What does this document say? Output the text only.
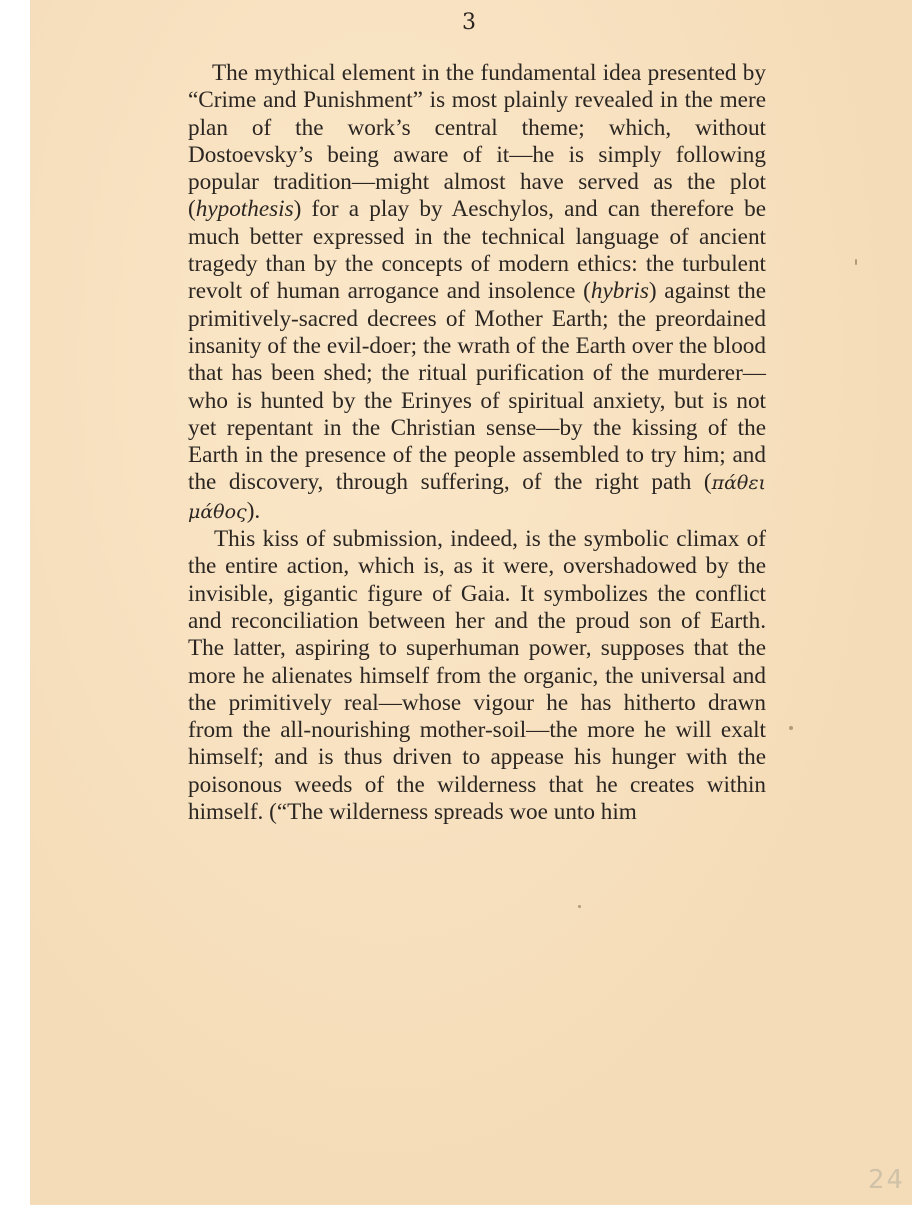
3

The mythical element in the fundamental idea presented by “Crime and Punishment” is most plainly revealed in the mere plan of the work’s central theme; which, without Dostoevsky’s being aware of it—he is simply following popular tradition—might almost have served as the plot (hypothesis) for a play by Aeschylos, and can therefore be much better expressed in the technical language of ancient tragedy than by the concepts of modern ethics: the turbulent revolt of human arrogance and insolence (hybris) against the primitively-sacred decrees of Mother Earth; the preordained insanity of the evil-doer; the wrath of the Earth over the blood that has been shed; the ritual purification of the murderer—who is hunted by the Erinyes of spiritual anxiety, but is not yet repentant in the Christian sense—by the kissing of the Earth in the presence of the people assembled to try him; and the discovery, through suffering, of the right path (πάθει μάθος).

This kiss of submission, indeed, is the symbolic climax of the entire action, which is, as it were, overshadowed by the invisible, gigantic figure of Gaia. It symbolizes the conflict and reconciliation between her and the proud son of Earth. The latter, aspiring to superhuman power, supposes that the more he alienates himself from the organic, the universal and the primitively real—whose vigour he has hitherto drawn from the all-nourishing mother-soil—the more he will exalt himself; and is thus driven to appease his hunger with the poisonous weeds of the wilderness that he creates within himself. (“The wilderness spreads woe unto him

24
